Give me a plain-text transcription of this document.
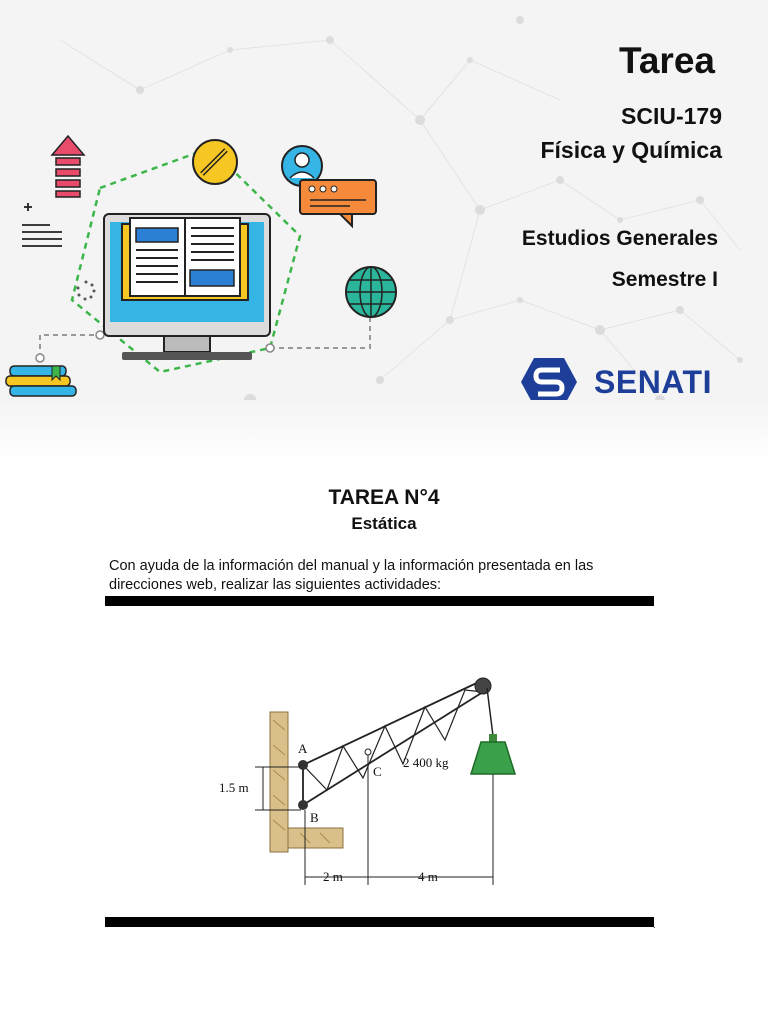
Tarea
SCIU-179
Física y Química
Estudios Generales
Semestre I
SENATI
TAREA N°4
Estática
Con ayuda de la información del manual y la información presentada en las direcciones web, realizar las siguientes actividades:
A
B
C
2 400 kg
1.5 m
2 m	4 m
.
